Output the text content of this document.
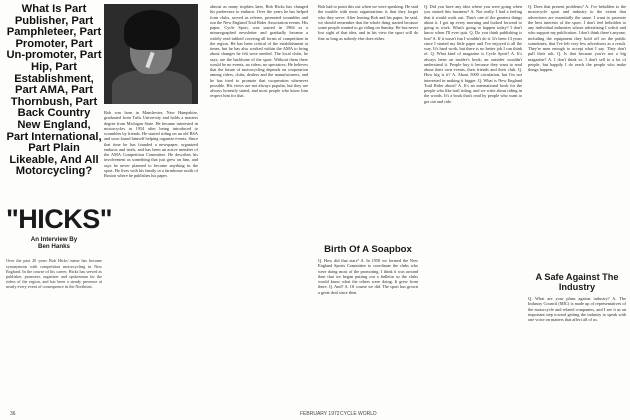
What Is Part Publisher, Part Pamphleteer, Part Promoter, Part Un-promoter, Part Hip, Part Establishment, Part AMA, Part Thornbush, Part Back Country New England, Part International, Part Plain Likeable, And All Motorcycling?
"HICKS"
An Interview By
Ben Hanks
Over the past 20 years Bob Hicks' name has become synonymous with competition motorcycling in New England. In the course of his career, Hicks has served as publisher, promoter, organizer and spokesman for the riders of the region, and has been a steady presence at nearly every event of consequence in the Northeast.
Bob was born in Manchester, New Hampshire, graduated from Tufts University and holds a masters degree from Michigan State. He became interested in motorcycles in 1954 after being introduced to scrambles by friends. He started riding on an old BSA and soon found himself helping organize events. Since that time he has founded a newspaper, organized enduros and trials, and has been an active member of the AMA Competition Committee. He describes his involvement as something that just grew on him, and says he never planned to become anything in the sport. He lives with his family in a farmhouse north of Boston where he publishes his paper.
almost as many trophies later, Bob Hicks has changed his preference to enduros. Over the years he has helped form clubs, served as referee, promoted scrambles and run the New England Trail Rider Association events. His paper, Cycle Sport, was started in 1966 as a mimeographed newsletter and gradually became a widely read tabloid covering all forms of competition in the region. He has been critical of the establishment at times, but he has also worked within the AMA to bring about changes he felt were needed. The local clubs, he says, are the backbone of the sport. Without them there would be no events, no riders, no spectators. He believes that the future of motorcycling depends on cooperation among riders, clubs, dealers and the manufacturers, and he has tried to promote that cooperation whenever possible. His views are not always popular, but they are always honestly stated, and most people who know him respect him for that.
Bob had to point this out when we were speaking. He said the trouble with most organizations is that they forget who they serve. After leaving Bob and his paper, he said, we should remember that the whole thing started because some people wanted to go riding on Sunday. He has never lost sight of that idea, and in his view the sport will do fine as long as nobody else does either.
Birth Of A Soapbox
Q. How did that start? A. In 1958 we formed the New England Sports Committee to coordinate the clubs who were doing most of the promoting. I think it was around then that we began putting out a bulletin so the clubs would know what the others were doing. It grew from there. Q. And? A. Of course we did. The sport has grown a great deal since then.
Q. Did you have any idea where you were going when you started this business? A. Not really. I had a feeling that it would work out. That's one of the greatest things about it. I got up every morning and looked forward to going to work. What's going to happen today? I don't know when I'll ever quit. Q. Do you think publishing is fun? A. If it wasn't fun I wouldn't do it. It's been 13 years since I started my little paper and I've enjoyed it all the way. It's hard work, but there is no better job I can think of. Q. What kind of magazine is Cycle Sport? A. It's always been an insider's book; an outsider wouldn't understand it. People buy it because they want to read about their own events, their friends and their club. Q. How big is it? A. About 5000 circulation, but I'm not interested in making it bigger. Q. What is New England Trail Rider about? A. It's an international book for the people who like trail riding, and we write about riding in the woods. It's a book that's read by people who want to get out and ride.
Q. Does that present problems? A. I've beholden to the motorcycle sport and industry to the extent that advertisers are essentially the same. I want to promote the best interests of the sport. I don't feel beholden to any individual industries whose advertising I solicit and who support my publication. I don't think there's anyone, including the equipment they hold off on the public sometimes, that I've felt very few advertisers as a result. They're men enough to accept what I say. They don't pull their ads. Q. Is that because you're not a big magazine? A. I don't think so. I don't sell to a lot of people, but happily I do reach the people who make things happen.
A Safe Against The Industry
Q. What are your plans against industry? A. The Industry Council (MIC) is made up of representatives of the motorcycle and related companies, and I see it as an important step toward getting the industry to speak with one voice on matters that affect all of us.
36	FEBRUARY 1972 CYCLE WORLD
